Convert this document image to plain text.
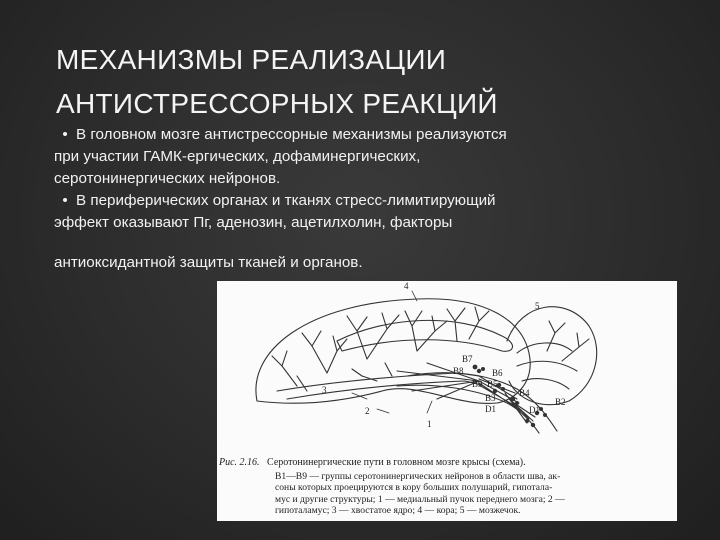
МЕХАНИЗМЫ РЕАЛИЗАЦИИ
АНТИСТРЕССОРНЫХ РЕАКЦИЙ
• В головном мозге антистрессорные механизмы реализуются
при участии ГАМК-ергических, дофаминергических,
серотонинергических нейронов.
• В периферических органах и тканях стресс-лимитирующий
эффект оказывают Пг, аденозин, ацетилхолин, факторы
антиоксидантной защиты тканей и органов.
4
5
3
2
1
B7
B8	B6
B5
B9
B4
B3	B2
D1	D1
Рис. 2.16. Серотонинергические пути в головном мозге крысы (схема).
B1—B9 — группы серотонинергических нейронов в области шва, ак-
соны которых проецируются в кору больших полушарий, гипотала-
мус и другие структуры; 1 — медиальный пучок переднего мозга; 2 —
гипоталамус; 3 — хвостатое ядро; 4 — кора; 5 — мозжечок.
